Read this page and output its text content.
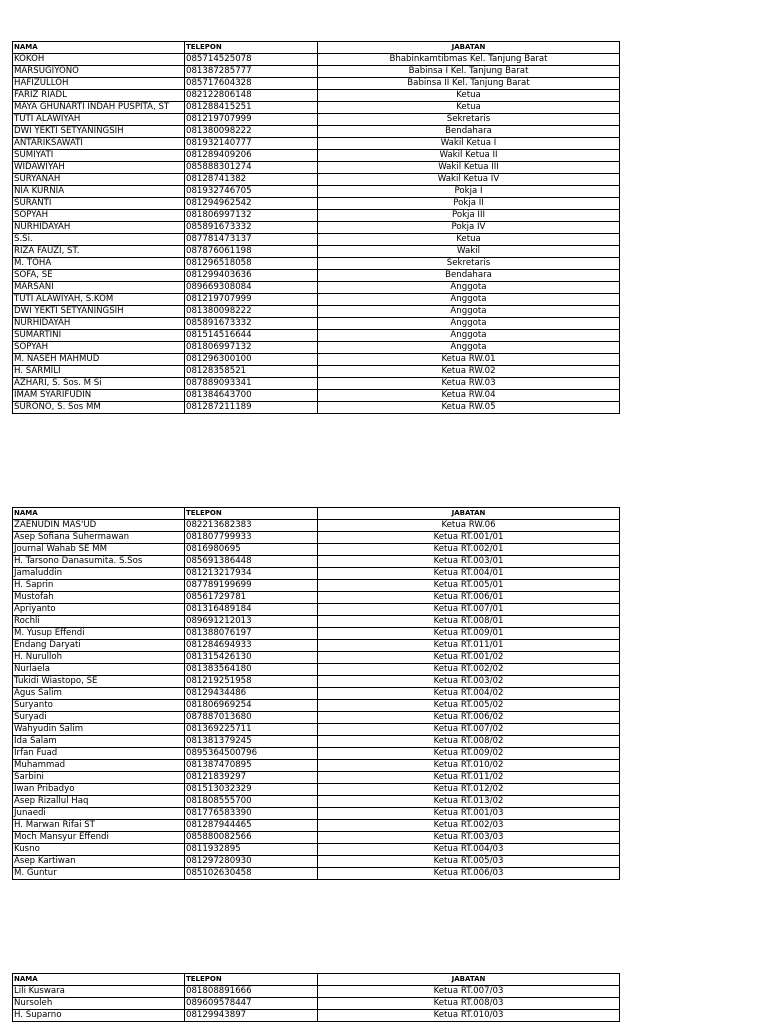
NAMA	TELEPON	JABATAN
KOKOH	085714525078	Bhabinkamtibmas Kel. Tanjung Barat
MARSUGIYONO	081387285777	Babinsa I Kel. Tanjung Barat
HAFIZULLOH	085717604328	Babinsa II Kel. Tanjung Barat
FARIZ RIADL	082122806148	Ketua
MAYA GHUNARTI INDAH PUSPITA, ST	081288415251	Ketua
TUTI ALAWIYAH	081219707999	Sekretaris
DWI YEKTI SETYANINGSIH	081380098222	Bendahara
ANTARIKSAWATI	081932140777	Wakil Ketua I
SUMIYATI	081289409206	Wakil Ketua II
WIDAWIYAH	085888301274	Wakil Ketua III
SURYANAH	08128741382	Wakil Ketua IV
NIA KURNIA	081932746705	Pokja I
SURANTI	081294962542	Pokja II
SOPYAH	081806997132	Pokja III
NURHIDAYAH	085891673332	Pokja IV
S.Si.	087781473137	Ketua
RIZA FAUZI, ST.	087876061198	Wakil
M. TOHA	081296518058	Sekretaris
SOFA, SE	081299403636	Bendahara
MARSANI	089669308084	Anggota
TUTI ALAWIYAH, S.KOM	081219707999	Anggota
DWI YEKTI SETYANINGSIH	081380098222	Anggota
NURHIDAYAH	085891673332	Anggota
SUMARTINI	081514516644	Anggota
SOPYAH	081806997132	Anggota
M. NASEH MAHMUD	081296300100	Ketua RW.01
H. SARMILI	08128358521	Ketua RW.02
AZHARI, S. Sos. M Si	087889093341	Ketua RW.03
IMAM SYARIFUDIN	081384643700	Ketua RW.04
SURONO, S. Sos MM	081287211189	Ketua RW.05
NAMA	TELEPON	JABATAN
ZAENUDIN MAS'UD	082213682383	Ketua RW.06
Asep Sofiana Suhermawan	081807799933	Ketua RT.001/01
Journal Wahab SE MM	0816980695	Ketua RT.002/01
H. Tarsono Danasumita. S.Sos	085691386448	Ketua RT.003/01
Jamaluddin	081213217934	Ketua RT.004/01
H. Saprin	087789199699	Ketua RT.005/01
Mustofah	08561729781	Ketua RT.006/01
Apriyanto	081316489184	Ketua RT.007/01
Rochli	089691212013	Ketua RT.008/01
M. Yusup Effendi	081388076197	Ketua RT.009/01
Endang Daryati	081284694933	Ketua RT.011/01
H. Nurulloh	081315426130	Ketua RT.001/02
Nurlaela	081383564180	Ketua RT.002/02
Tukidi Wiastopo, SE	081219251958	Ketua RT.003/02
Agus Salim	08129434486	Ketua RT.004/02
Suryanto	081806969254	Ketua RT.005/02
Suryadi	087887013680	Ketua RT.006/02
Wahyudin Salim	081369225711	Ketua RT.007/02
Ida Salam	081381379245	Ketua RT.008/02
Irfan Fuad	0895364500796	Ketua RT.009/02
Muhammad	081387470895	Ketua RT.010/02
Sarbini	08121839297	Ketua RT.011/02
Iwan Pribadyo	081513032329	Ketua RT.012/02
Asep Rizallul Haq	081808555700	Ketua RT.013/02
Junaedi	081776583390	Ketua RT.001/03
H. Marwan Rifai ST	081287944465	Ketua RT.002/03
Moch Mansyur Effendi	085880082566	Ketua RT.003/03
Kusno	0811932895	Ketua RT.004/03
Asep Kartiwan	081297280930	Ketua RT.005/03
M. Guntur	085102630458	Ketua RT.006/03
NAMA	TELEPON	JABATAN
Lili Kuswara	081808891666	Ketua RT.007/03
Nursoleh	089609578447	Ketua RT.008/03
H. Suparno	08129943897	Ketua RT.010/03
